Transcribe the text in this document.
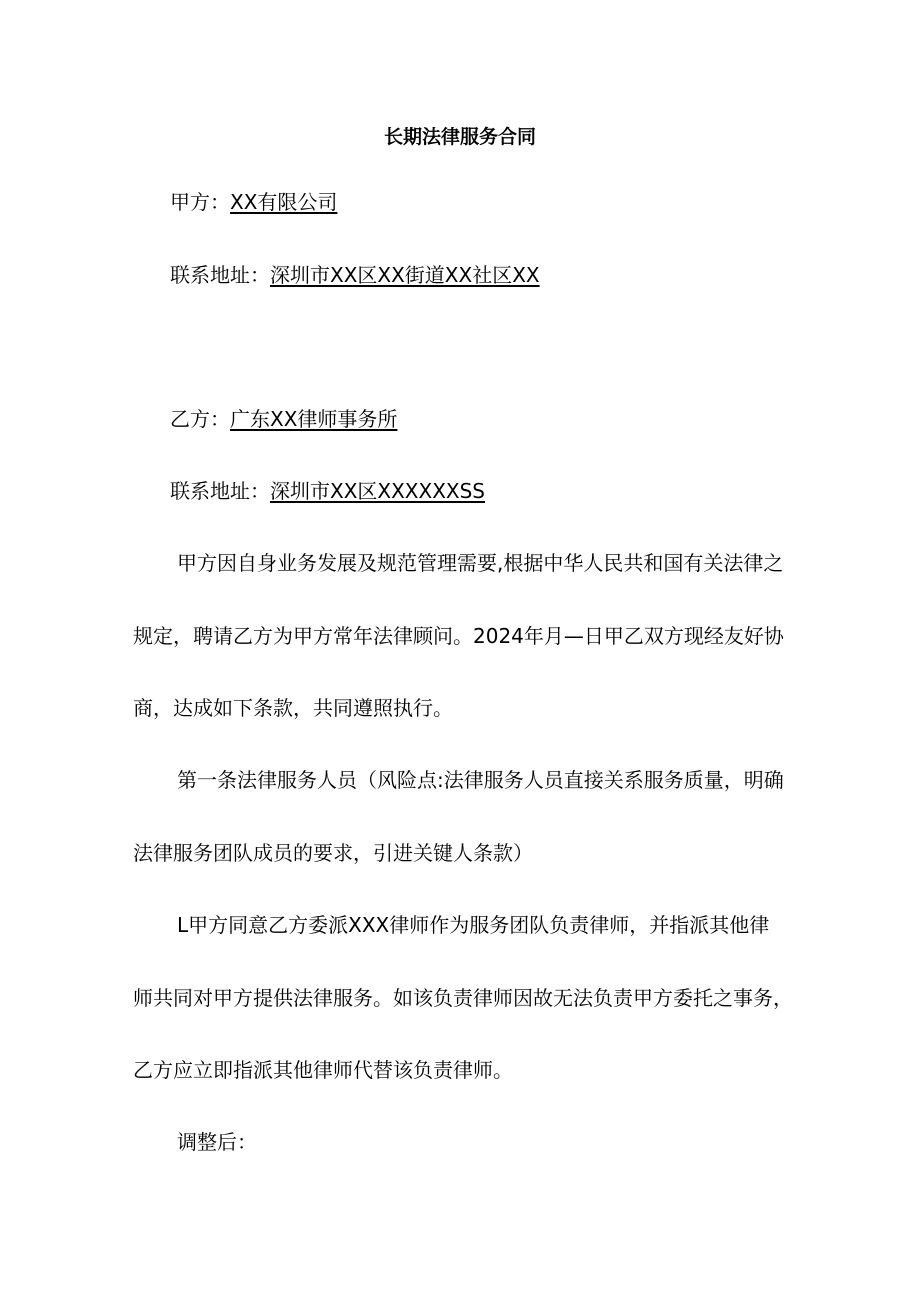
长期法律服务合同
甲方：XX有限公司
联系地址：深圳市XX区XX街道XX社区XX
乙方：广东XX律师事务所
联系地址：深圳市XX区XXXXXXSS
甲方因自身业务发展及规范管理需要,根据中华人民共和国有关法律之
规定，聘请乙方为甲方常年法律顾问。2024年月—日甲乙双方现经友好协
商，达成如下条款，共同遵照执行。
第一条法律服务人员（风险点:法律服务人员直接关系服务质量，明确
法律服务团队成员的要求，引进关键人条款）
L甲方同意乙方委派XXX律师作为服务团队负责律师，并指派其他律
师共同对甲方提供法律服务。如该负责律师因故无法负责甲方委托之事务，
乙方应立即指派其他律师代替该负责律师。
调整后：
